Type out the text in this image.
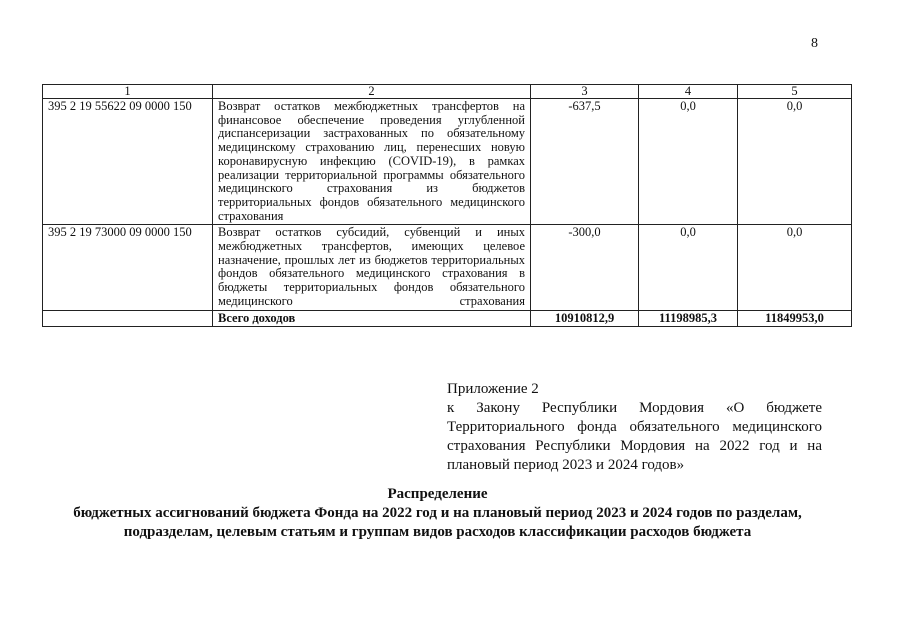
8
1	2	3	4	5
395 2 19 55622 09 0000 150	Возврат остатков межбюджетных трансфертов на финансовое обеспечение проведения углубленной диспансеризации застрахованных по обязательному медицинскому страхованию лиц, перенесших новую коронавирусную инфекцию (COVID-19), в рамках реализации территориальной программы обязательного медицинского страхования из бюджетов территориальных фондов обязательного медицинского страхования	-637,5	0,0	0,0
395 2 19 73000 09 0000 150	Возврат остатков субсидий, субвенций и иных межбюджетных трансфертов, имеющих целевое назначение, прошлых лет из бюджетов территориальных фондов обязательного медицинского страхования в бюджеты территориальных фондов обязательного медицинского страхования	-300,0	0,0	0,0
	Всего доходов	10910812,9	11198985,3	11849953,0
Приложение 2
к Закону Республики Мордовия «О бюджете Территориального фонда обязательного медицинского страхования Республики Мордовия на 2022 год и на плановый период 2023 и 2024 годов»
Распределение
бюджетных ассигнований бюджета Фонда на 2022 год и на плановый период 2023 и 2024 годов по разделам, подразделам, целевым статьям и группам видов расходов классификации расходов бюджета
